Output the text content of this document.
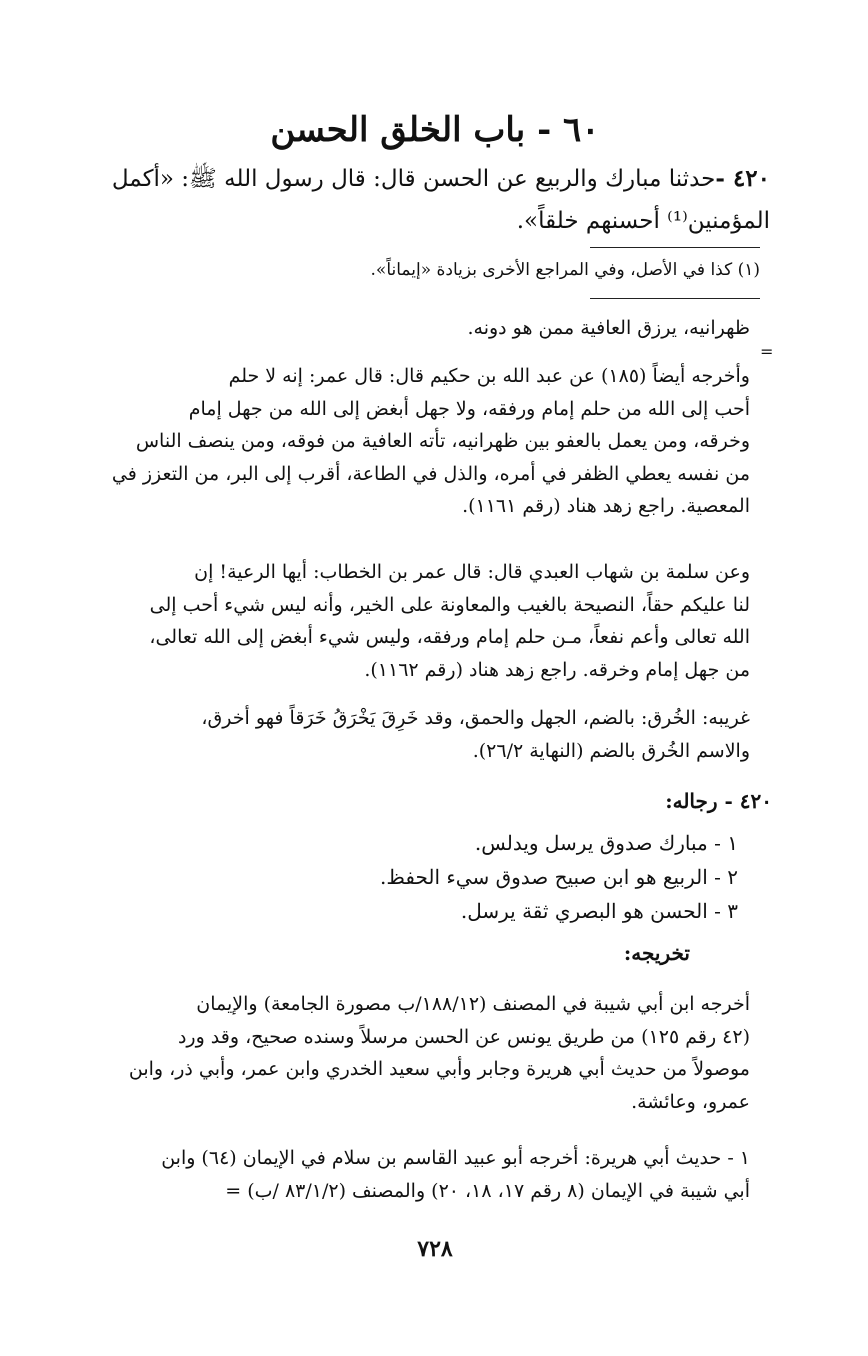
٦٠ - باب الخلق الحسن
٤٢٠ -حدثنا مبارك والربيع عن الحسن قال: قال رسول الله ﷺ: «أكمل
المؤمنين⁽¹⁾ أحسنهم خلقاً».
(١) كذا في الأصل، وفي المراجع الأخرى بزيادة «إيماناً».
=
ظهرانيه، يرزق العافية ممن هو دونه.
وأخرجه أيضاً (١٨٥) عن عبد الله بن حكيم قال: قال عمر: إنه لا حلم
أحب إلى الله من حلم إمام ورفقه، ولا جهل أبغض إلى الله من جهل إمام
وخرقه، ومن يعمل بالعفو بين ظهرانيه، تأته العافية من فوقه، ومن ينصف الناس
من نفسه يعطي الظفر في أمره، والذل في الطاعة، أقرب إلى البر، من التعزز في
المعصية. راجع زهد هناد (رقم ١١٦١).
وعن سلمة بن شهاب العبدي قال: قال عمر بن الخطاب: أيها الرعية! إن
لنا عليكم حقاً، النصيحة بالغيب والمعاونة على الخير، وأنه ليس شيء أحب إلى
الله تعالى وأعم نفعاً، مـن حلم إمام ورفقه، وليس شيء أبغض إلى الله تعالى،
من جهل إمام وخرقه. راجع زهد هناد (رقم ١١٦٢).
غريبه: الخُرق: بالضم، الجهل والحمق، وقد خَرِقَ يَخْرَقُ خَرَقاً فهو أخرق،
والاسم الخُرق بالضم (النهاية ٢٦/٢).
٤٢٠ - رجاله:
١ - مبارك صدوق يرسل ويدلس.
٢ - الربيع هو ابن صبيح صدوق سيء الحفظ.
٣ - الحسن هو البصري ثقة يرسل.
تخريجه:
أخرجه ابن أبي شيبة في المصنف (١٨٨/١٢/ب مصورة الجامعة) والإيمان
(٤٢ رقم ١٢٥) من طريق يونس عن الحسن مرسلاً وسنده صحيح، وقد ورد
موصولاً من حديث أبي هريرة وجابر وأبي سعيد الخدري وابن عمر، وأبي ذر، وابن
عمرو، وعائشة.
١ - حديث أبي هريرة: أخرجه أبو عبيد القاسم بن سلام في الإيمان (٦٤) وابن
أبي شيبة في الإيمان (٨ رقم ١٧، ١٨، ٢٠) والمصنف (٨٣/١/٢ /ب) =
٧٢٨
